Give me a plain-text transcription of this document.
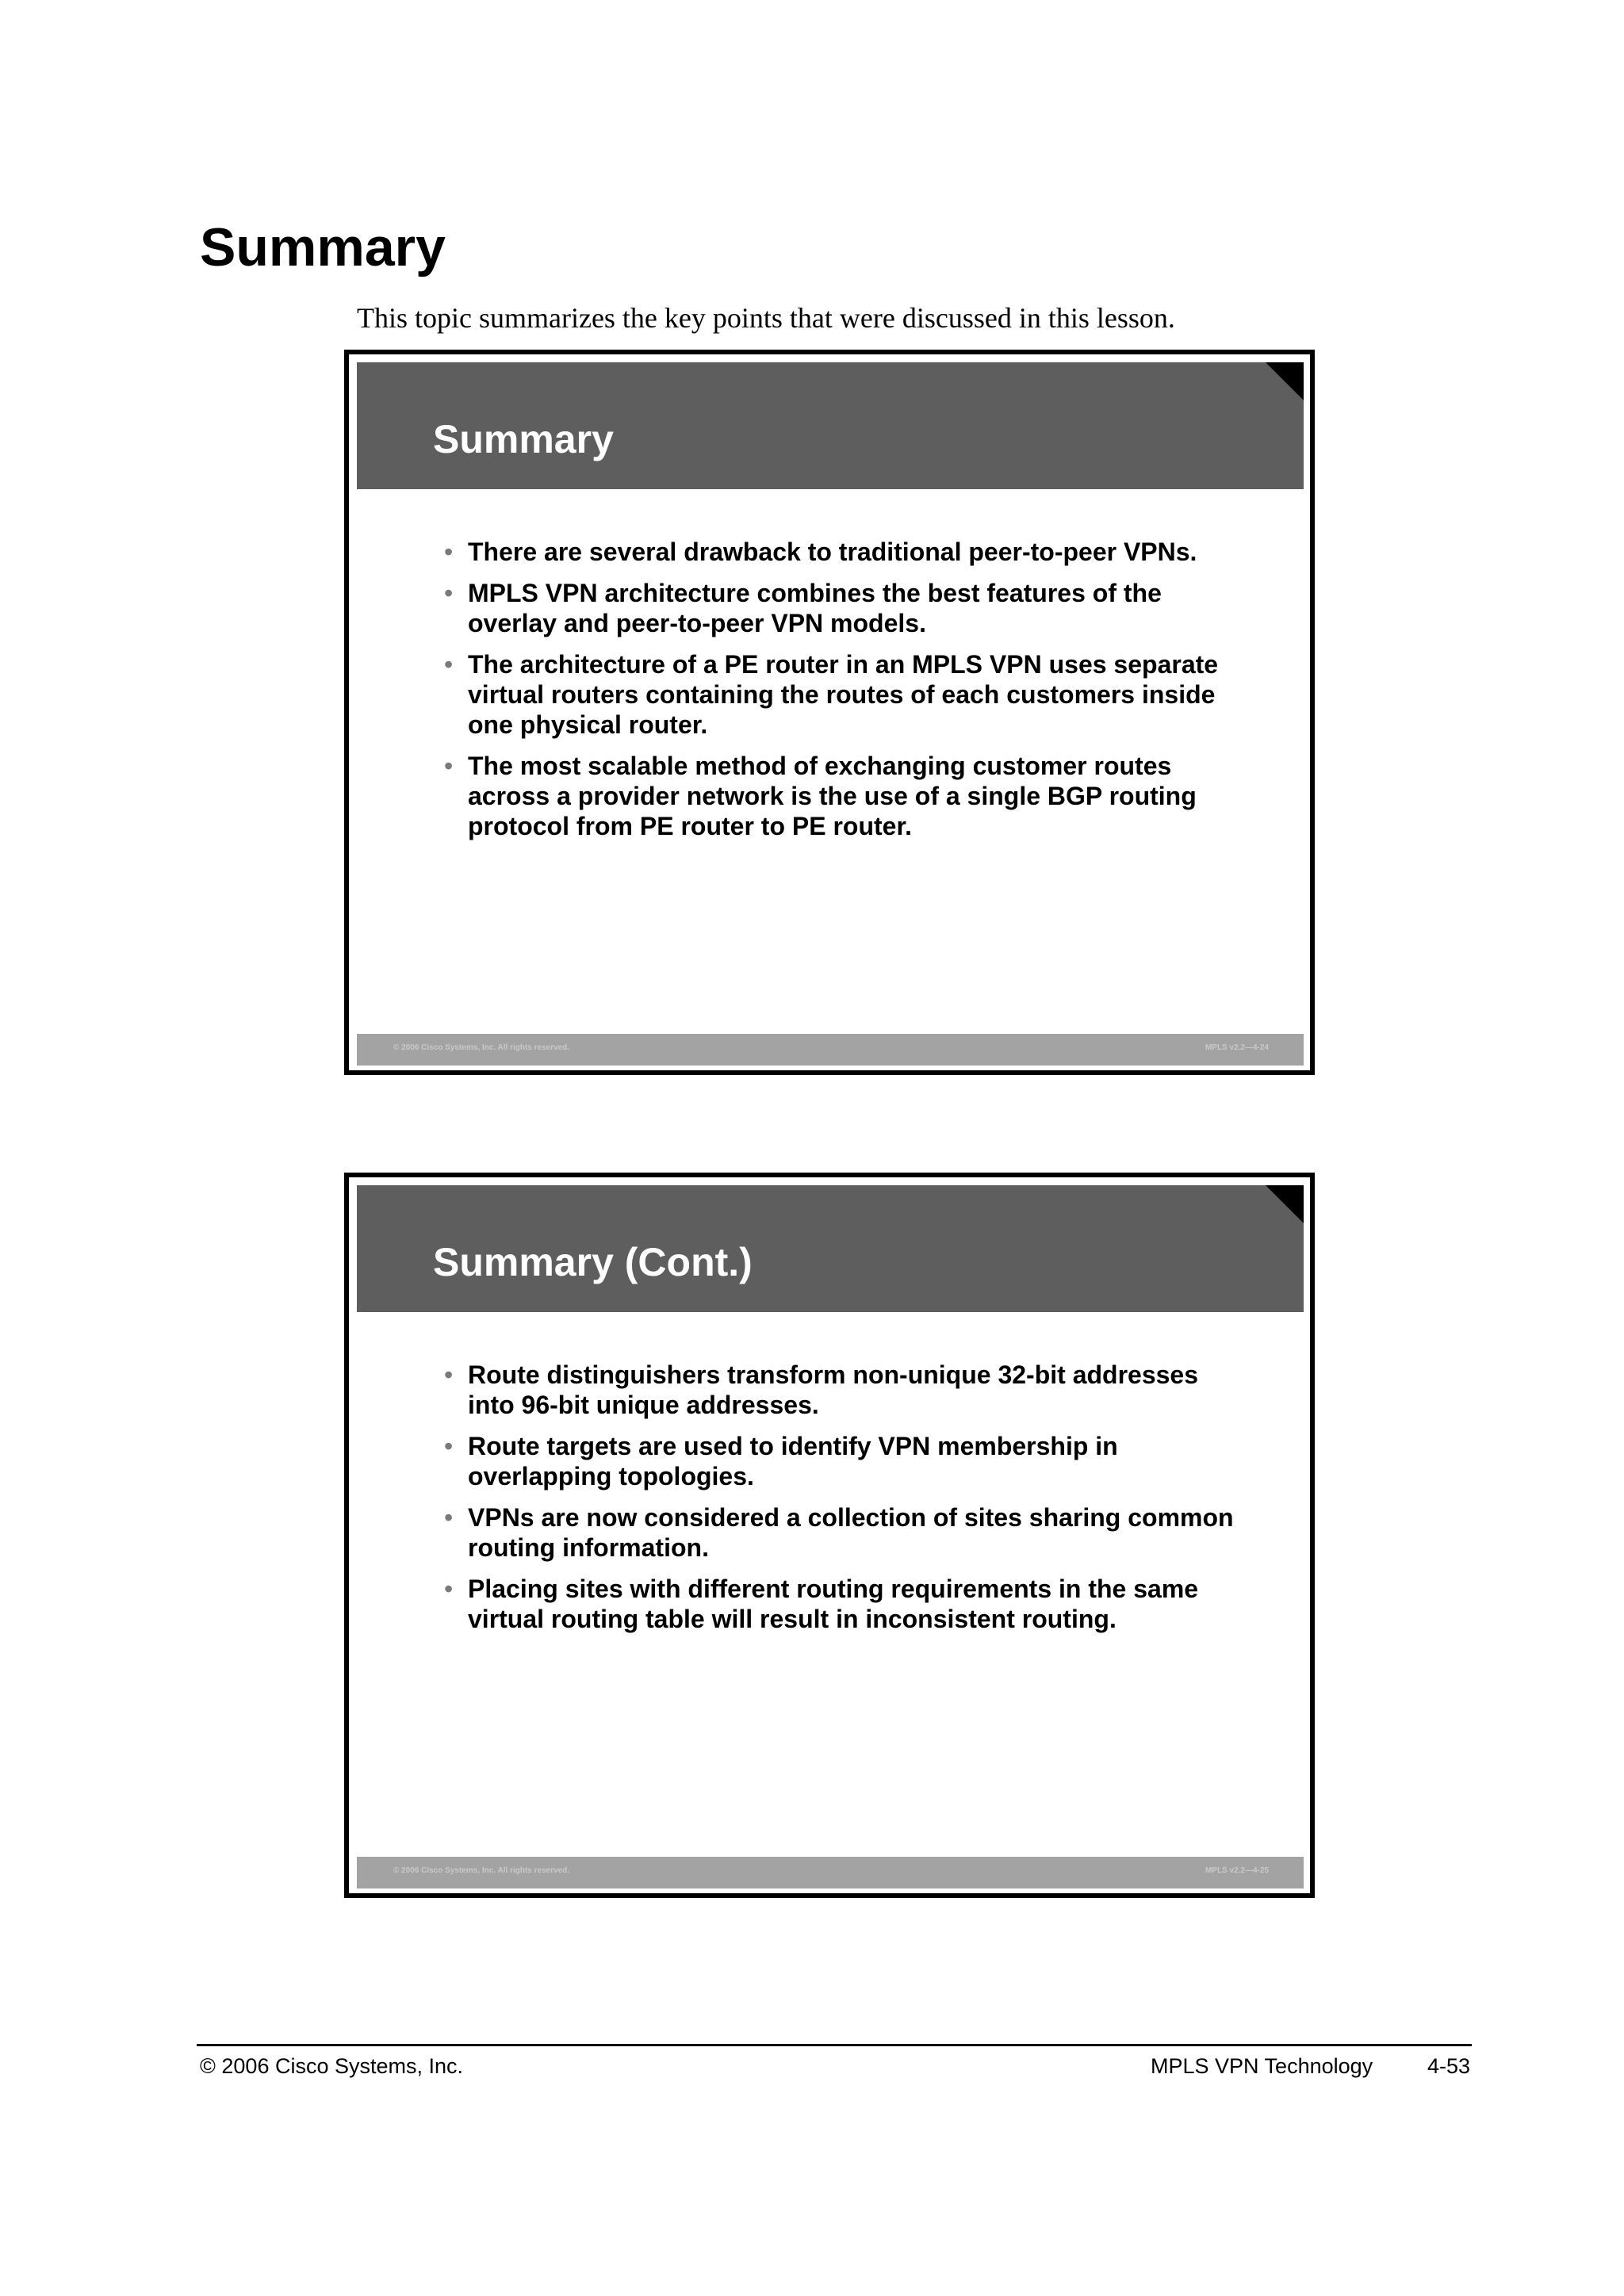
Summary

This topic summarizes the key points that were discussed in this lesson.

Summary
• There are several drawback to traditional peer-to-peer VPNs.
• MPLS VPN architecture combines the best features of the overlay and peer-to-peer VPN models.
• The architecture of a PE router in an MPLS VPN uses separate virtual routers containing the routes of each customers inside one physical router.
• The most scalable method of exchanging customer routes across a provider network is the use of a single BGP routing protocol from PE router to PE router.
© 2006 Cisco Systems, Inc. All rights reserved.	MPLS v2.2—4-24
Summary (Cont.)
• Route distinguishers transform non-unique 32-bit addresses into 96-bit unique addresses.
• Route targets are used to identify VPN membership in overlapping topologies.
• VPNs are now considered a collection of sites sharing common routing information.
• Placing sites with different routing requirements in the same virtual routing table will result in inconsistent routing.
© 2006 Cisco Systems, Inc. All rights reserved.	MPLS v2.2—4-25
© 2006 Cisco Systems, Inc.	MPLS VPN Technology	4-53
